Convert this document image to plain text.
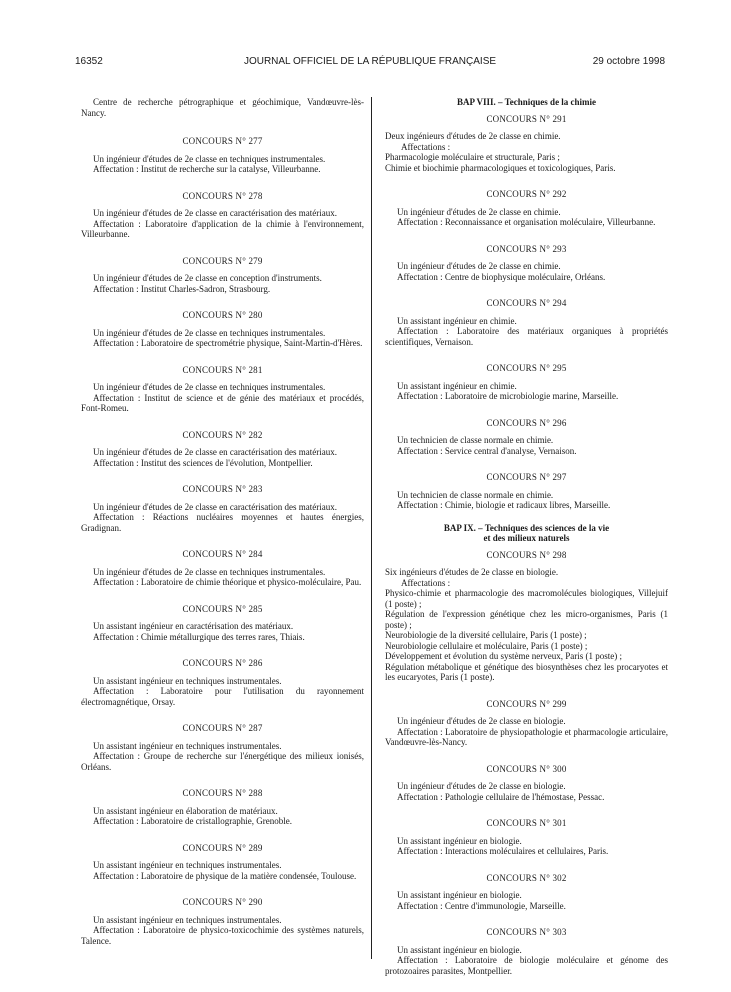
16352	JOURNAL OFFICIEL DE LA RÉPUBLIQUE FRANÇAISE	29 octobre 1998
Centre de recherche pétrographique et géochimique, Vandœuvre-lès-Nancy.
CONCOURS N° 277
Un ingénieur d'études de 2e classe en techniques instrumentales.
Affectation : Institut de recherche sur la catalyse, Villeurbanne.
CONCOURS N° 278
Un ingénieur d'études de 2e classe en caractérisation des matériaux.
Affectation : Laboratoire d'application de la chimie à l'environnement, Villeurbanne.
CONCOURS N° 279
Un ingénieur d'études de 2e classe en conception d'instruments.
Affectation : Institut Charles-Sadron, Strasbourg.
CONCOURS N° 280
Un ingénieur d'études de 2e classe en techniques instrumentales.
Affectation : Laboratoire de spectrométrie physique, Saint-Martin-d'Hères.
CONCOURS N° 281
Un ingénieur d'études de 2e classe en techniques instrumentales.
Affectation : Institut de science et de génie des matériaux et procédés, Font-Romeu.
CONCOURS N° 282
Un ingénieur d'études de 2e classe en caractérisation des matériaux.
Affectation : Institut des sciences de l'évolution, Montpellier.
CONCOURS N° 283
Un ingénieur d'études de 2e classe en caractérisation des matériaux.
Affectation : Réactions nucléaires moyennes et hautes énergies, Gradignan.
CONCOURS N° 284
Un ingénieur d'études de 2e classe en techniques instrumentales.
Affectation : Laboratoire de chimie théorique et physico-moléculaire, Pau.
CONCOURS N° 285
Un assistant ingénieur en caractérisation des matériaux.
Affectation : Chimie métallurgique des terres rares, Thiais.
CONCOURS N° 286
Un assistant ingénieur en techniques instrumentales.
Affectation : Laboratoire pour l'utilisation du rayonnement électromagnétique, Orsay.
CONCOURS N° 287
Un assistant ingénieur en techniques instrumentales.
Affectation : Groupe de recherche sur l'énergétique des milieux ionisés, Orléans.
CONCOURS N° 288
Un assistant ingénieur en élaboration de matériaux.
Affectation : Laboratoire de cristallographie, Grenoble.
CONCOURS N° 289
Un assistant ingénieur en techniques instrumentales.
Affectation : Laboratoire de physique de la matière condensée, Toulouse.
CONCOURS N° 290
Un assistant ingénieur en techniques instrumentales.
Affectation : Laboratoire de physico-toxicochimie des systèmes naturels, Talence.
BAP VIII. – Techniques de la chimie
CONCOURS N° 291
Deux ingénieurs d'études de 2e classe en chimie.
Affectations :
Pharmacologie moléculaire et structurale, Paris ;
Chimie et biochimie pharmacologiques et toxicologiques, Paris.
CONCOURS N° 292
Un ingénieur d'études de 2e classe en chimie.
Affectation : Reconnaissance et organisation moléculaire, Villeurbanne.
CONCOURS N° 293
Un ingénieur d'études de 2e classe en chimie.
Affectation : Centre de biophysique moléculaire, Orléans.
CONCOURS N° 294
Un assistant ingénieur en chimie.
Affectation : Laboratoire des matériaux organiques à propriétés scientifiques, Vernaison.
CONCOURS N° 295
Un assistant ingénieur en chimie.
Affectation : Laboratoire de microbiologie marine, Marseille.
CONCOURS N° 296
Un technicien de classe normale en chimie.
Affectation : Service central d'analyse, Vernaison.
CONCOURS N° 297
Un technicien de classe normale en chimie.
Affectation : Chimie, biologie et radicaux libres, Marseille.
BAP IX. – Techniques des sciences de la vie
et des milieux naturels
CONCOURS N° 298
Six ingénieurs d'études de 2e classe en biologie.
Affectations :
Physico-chimie et pharmacologie des macromolécules biologiques, Villejuif (1 poste) ;
Régulation de l'expression génétique chez les micro-organismes, Paris (1 poste) ;
Neurobiologie de la diversité cellulaire, Paris (1 poste) ;
Neurobiologie cellulaire et moléculaire, Paris (1 poste) ;
Développement et évolution du système nerveux, Paris (1 poste) ;
Régulation métabolique et génétique des biosynthèses chez les procaryotes et les eucaryotes, Paris (1 poste).
CONCOURS N° 299
Un ingénieur d'études de 2e classe en biologie.
Affectation : Laboratoire de physiopathologie et pharmacologie articulaire, Vandœuvre-lès-Nancy.
CONCOURS N° 300
Un ingénieur d'études de 2e classe en biologie.
Affectation : Pathologie cellulaire de l'hémostase, Pessac.
CONCOURS N° 301
Un assistant ingénieur en biologie.
Affectation : Interactions moléculaires et cellulaires, Paris.
CONCOURS N° 302
Un assistant ingénieur en biologie.
Affectation : Centre d'immunologie, Marseille.
CONCOURS N° 303
Un assistant ingénieur en biologie.
Affectation : Laboratoire de biologie moléculaire et génome des protozoaires parasites, Montpellier.
